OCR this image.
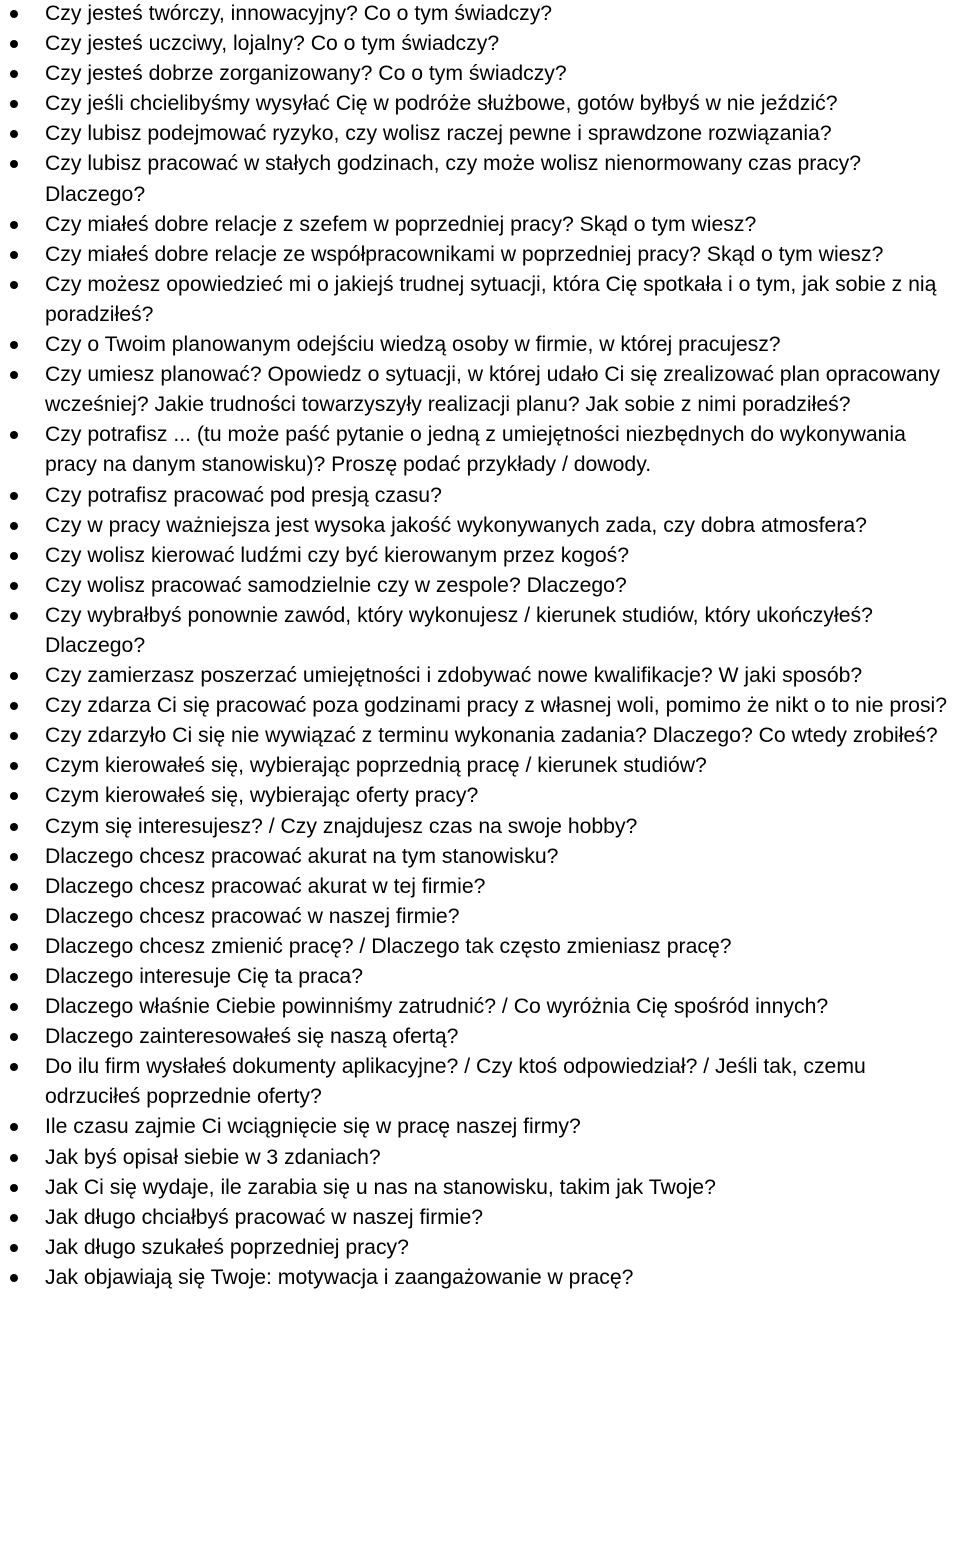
Czy jesteś twórczy, innowacyjny? Co o tym świadczy?
Czy jesteś uczciwy, lojalny? Co o tym świadczy?
Czy jesteś dobrze zorganizowany? Co o tym świadczy?
Czy jeśli chcielibyśmy wysyłać Cię w podróże służbowe, gotów byłbyś w nie jeździć?
Czy lubisz podejmować ryzyko, czy wolisz raczej pewne i sprawdzone rozwiązania?
Czy lubisz pracować w stałych godzinach, czy może wolisz nienormowany czas pracy? Dlaczego?
Czy miałeś dobre relacje z szefem w poprzedniej pracy? Skąd o tym wiesz?
Czy miałeś dobre relacje ze współpracownikami w poprzedniej pracy? Skąd o tym wiesz?
Czy możesz opowiedzieć mi o jakiejś trudnej sytuacji, która Cię spotkała i o tym, jak sobie z nią poradziłeś?
Czy o Twoim planowanym odejściu wiedzą osoby w firmie, w której pracujesz?
Czy umiesz planować? Opowiedz o sytuacji, w której udało Ci się zrealizować plan opracowany wcześniej? Jakie trudności towarzyszyły realizacji planu? Jak sobie z nimi poradziłeś?
Czy potrafisz ... (tu może paść pytanie o jedną z umiejętności niezbędnych do wykonywania pracy na danym stanowisku)? Proszę podać przykłady / dowody.
Czy potrafisz pracować pod presją czasu?
Czy w pracy ważniejsza jest wysoka jakość wykonywanych zada, czy dobra atmosfera?
Czy wolisz kierować ludźmi czy być kierowanym przez kogoś?
Czy wolisz pracować samodzielnie czy w zespole? Dlaczego?
Czy wybrałbyś ponownie zawód, który wykonujesz / kierunek studiów, który ukończyłeś? Dlaczego?
Czy zamierzasz poszerzać umiejętności i zdobywać nowe kwalifikacje? W jaki sposób?
Czy zdarza Ci się pracować poza godzinami pracy z własnej woli, pomimo że nikt o to nie prosi?
Czy zdarzyło Ci się nie wywiązać z terminu wykonania zadania? Dlaczego? Co wtedy zrobiłeś?
Czym kierowałeś się, wybierając poprzednią pracę / kierunek studiów?
Czym kierowałeś się, wybierając oferty pracy?
Czym się interesujesz? / Czy znajdujesz czas na swoje hobby?
Dlaczego chcesz pracować akurat na tym stanowisku?
Dlaczego chcesz pracować akurat w tej firmie?
Dlaczego chcesz pracować w naszej firmie?
Dlaczego chcesz zmienić pracę? / Dlaczego tak często zmieniasz pracę?
Dlaczego interesuje Cię ta praca?
Dlaczego właśnie Ciebie powinniśmy zatrudnić? / Co wyróżnia Cię spośród innych?
Dlaczego zainteresowałeś się naszą ofertą?
Do ilu firm wysłałeś dokumenty aplikacyjne? / Czy ktoś odpowiedział? / Jeśli tak, czemu odrzuciłeś poprzednie oferty?
Ile czasu zajmie Ci wciągnięcie się w pracę naszej firmy?
Jak byś opisał siebie w 3 zdaniach?
Jak Ci się wydaje, ile zarabia się u nas na stanowisku, takim jak Twoje?
Jak długo chciałbyś pracować w naszej firmie?
Jak długo szukałeś poprzedniej pracy?
Jak objawiają się Twoje: motywacja i zaangażowanie w pracę?
